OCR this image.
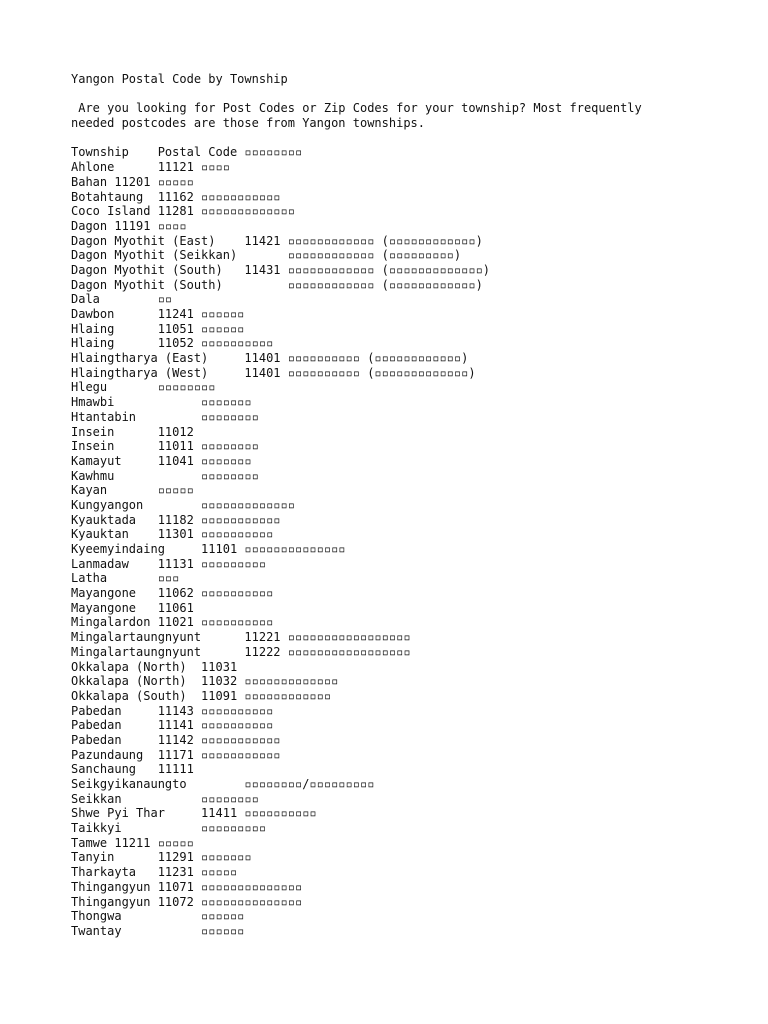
Yangon Postal Code by Township
Are you looking for Post Codes or Zip Codes for your township? Most frequently
needed postcodes are those from Yangon townships.
Township    Postal Code ▫▫▫▫▫▫▫▫
Ahlone      11121 ▫▫▫▫
Bahan 11201 ▫▫▫▫▫
Botahtaung  11162 ▫▫▫▫▫▫▫▫▫▫▫
Coco Island 11281 ▫▫▫▫▫▫▫▫▫▫▫▫▫
Dagon 11191 ▫▫▫▫
Dagon Myothit (East)    11421 ▫▫▫▫▫▫▫▫▫▫▫▫ (▫▫▫▫▫▫▫▫▫▫▫▫)
Dagon Myothit (Seikkan)       ▫▫▫▫▫▫▫▫▫▫▫▫ (▫▫▫▫▫▫▫▫▫)
Dagon Myothit (South)   11431 ▫▫▫▫▫▫▫▫▫▫▫▫ (▫▫▫▫▫▫▫▫▫▫▫▫▫)
Dagon Myothit (South)         ▫▫▫▫▫▫▫▫▫▫▫▫ (▫▫▫▫▫▫▫▫▫▫▫▫)
Dala        ▫▫
Dawbon      11241 ▫▫▫▫▫▫
Hlaing      11051 ▫▫▫▫▫▫
Hlaing      11052 ▫▫▫▫▫▫▫▫▫▫
Hlaingtharya (East)     11401 ▫▫▫▫▫▫▫▫▫▫ (▫▫▫▫▫▫▫▫▫▫▫▫)
Hlaingtharya (West)     11401 ▫▫▫▫▫▫▫▫▫▫ (▫▫▫▫▫▫▫▫▫▫▫▫▫)
Hlegu       ▫▫▫▫▫▫▫▫
Hmawbi            ▫▫▫▫▫▫▫
Htantabin         ▫▫▫▫▫▫▫▫
Insein      11012
Insein      11011 ▫▫▫▫▫▫▫▫
Kamayut     11041 ▫▫▫▫▫▫▫
Kawhmu            ▫▫▫▫▫▫▫▫
Kayan       ▫▫▫▫▫
Kungyangon        ▫▫▫▫▫▫▫▫▫▫▫▫▫
Kyauktada   11182 ▫▫▫▫▫▫▫▫▫▫▫
Kyauktan    11301 ▫▫▫▫▫▫▫▫▫▫
Kyeemyindaing     11101 ▫▫▫▫▫▫▫▫▫▫▫▫▫▫
Lanmadaw    11131 ▫▫▫▫▫▫▫▫▫
Latha       ▫▫▫
Mayangone   11062 ▫▫▫▫▫▫▫▫▫▫
Mayangone   11061
Mingalardon 11021 ▫▫▫▫▫▫▫▫▫▫
Mingalartaungnyunt      11221 ▫▫▫▫▫▫▫▫▫▫▫▫▫▫▫▫▫
Mingalartaungnyunt      11222 ▫▫▫▫▫▫▫▫▫▫▫▫▫▫▫▫▫
Okkalapa (North)  11031
Okkalapa (North)  11032 ▫▫▫▫▫▫▫▫▫▫▫▫▫
Okkalapa (South)  11091 ▫▫▫▫▫▫▫▫▫▫▫▫
Pabedan     11143 ▫▫▫▫▫▫▫▫▫▫
Pabedan     11141 ▫▫▫▫▫▫▫▫▫▫
Pabedan     11142 ▫▫▫▫▫▫▫▫▫▫▫
Pazundaung  11171 ▫▫▫▫▫▫▫▫▫▫▫
Sanchaung   11111
Seikgyikanaungto        ▫▫▫▫▫▫▫▫/▫▫▫▫▫▫▫▫▫
Seikkan           ▫▫▫▫▫▫▫▫
Shwe Pyi Thar     11411 ▫▫▫▫▫▫▫▫▫▫
Taikkyi           ▫▫▫▫▫▫▫▫▫
Tamwe 11211 ▫▫▫▫▫
Tanyin      11291 ▫▫▫▫▫▫▫
Tharkayta   11231 ▫▫▫▫▫
Thingangyun 11071 ▫▫▫▫▫▫▫▫▫▫▫▫▫▫
Thingangyun 11072 ▫▫▫▫▫▫▫▫▫▫▫▫▫▫
Thongwa           ▫▫▫▫▫▫
Twantay           ▫▫▫▫▫▫
